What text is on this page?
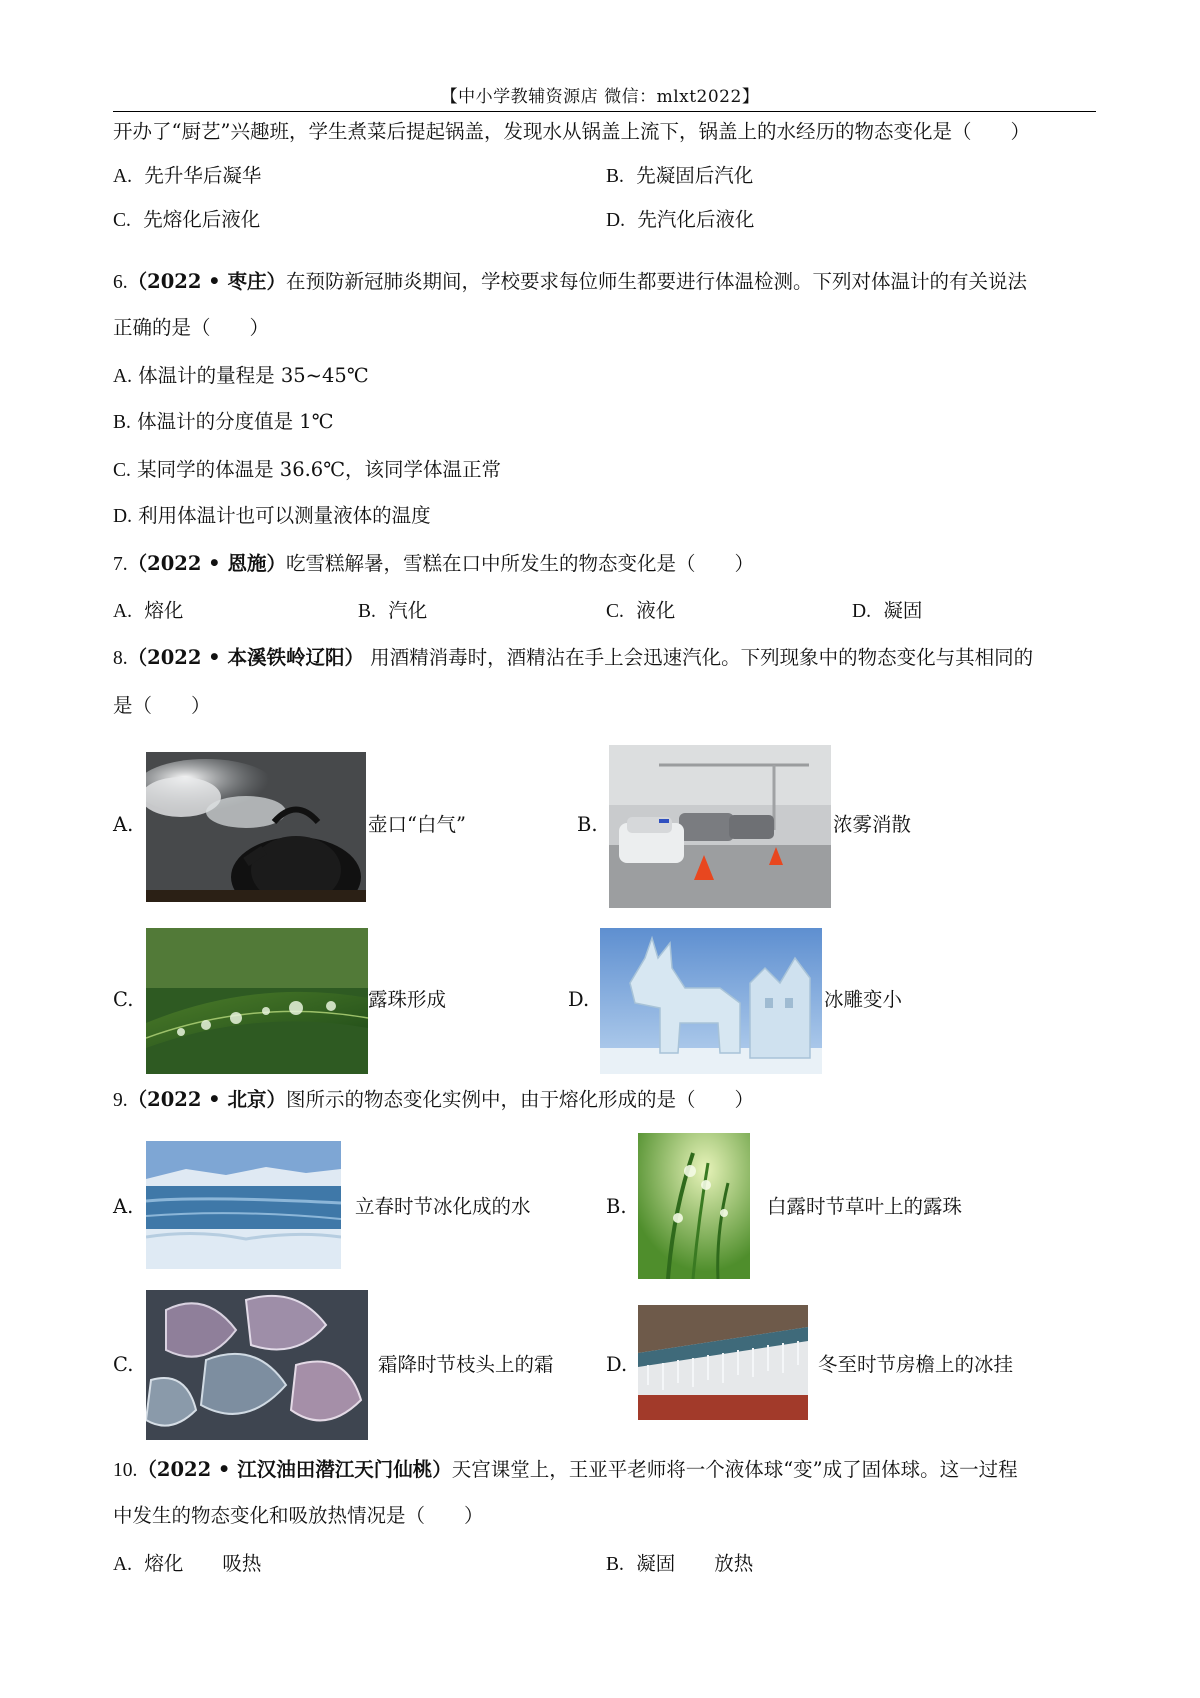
【中小学教辅资源店 微信：mlxt2022】
开办了“厨艺”兴趣班，学生煮菜后提起锅盖，发现水从锅盖上流下，锅盖上的水经历的物态变化是（　　）
A. 先升华后凝华	B. 先凝固后汽化
C. 先熔化后液化	D. 先汽化后液化
6.（2022 • 枣庄）在预防新冠肺炎期间，学校要求每位师生都要进行体温检测。下列对体温计的有关说法
正确的是（　　）
A. 体温计的量程是 35~45℃
B. 体温计的分度值是 1℃
C. 某同学的体温是 36.6℃，该同学体温正常
D. 利用体温计也可以测量液体的温度
7.（2022 • 恩施）吃雪糕解暑，雪糕在口中所发生的物态变化是（　　）
A. 熔化	B. 汽化	C. 液化	D. 凝固
8.（2022 • 本溪铁岭辽阳） 用酒精消毒时，酒精沾在手上会迅速汽化。下列现象中的物态变化与其相同的
是（　　）
A.	壶口“白气”	B.	浓雾消散
C.	露珠形成	D.	冰雕变小
9.（2022 • 北京）图所示的物态变化实例中，由于熔化形成的是（　　）
A.	立春时节冰化成的水	B.	白露时节草叶上的露珠
C.	霜降时节枝头上的霜	D.	冬至时节房檐上的冰挂
10.（2022 • 江汉油田潜江天门仙桃）天宫课堂上，王亚平老师将一个液体球“变”成了固体球。这一过程
中发生的物态变化和吸放热情况是（　　）
A. 熔化　　吸热	B. 凝固　　放热
